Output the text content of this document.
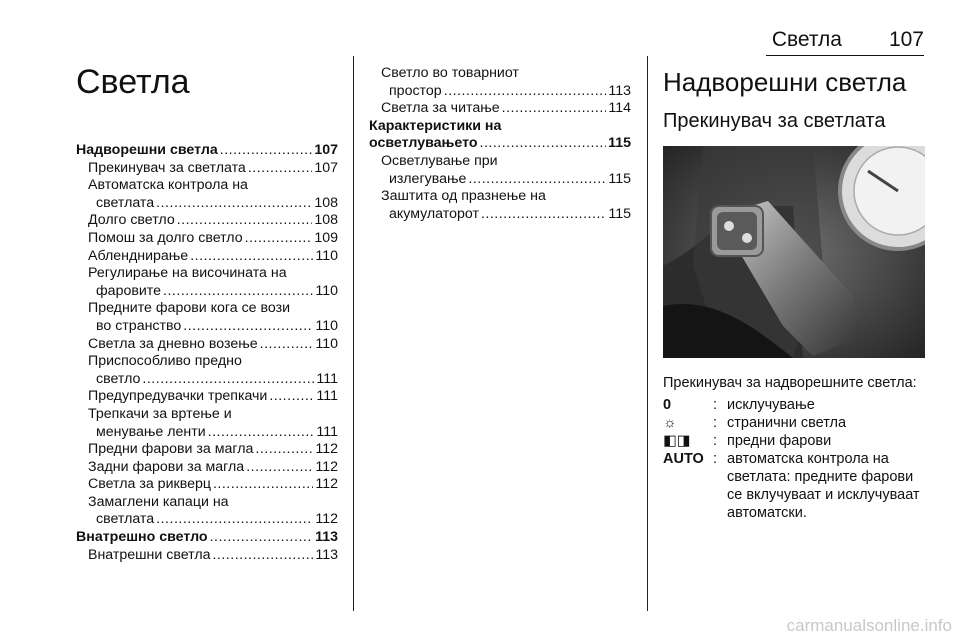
Светла 107
Светла
Надворешни светла .....	107
Прекинувач за светлата .....	107
Автоматска контрола на
светлата .....	108
Долго светло .....	108
Помош за долго светло .....	109
Абленднирање .....	110
Регулирање на височината на
фаровите .....	110
Предните фарови кога се вози
во странство .....	110
Светла за дневно возење .....	110
Приспособливо предно
светло .....	111
Предупредувачки трепкачи .....	111
Трепкачи за вртење и
менување ленти .....	111
Предни фарови за магла .....	112
Задни фарови за магла .....	112
Светла за рикверц .....	112
Замаглени капаци на
светлата .....	112
Внатрешно светло .....	113
Внатрешни светла .....	113
Светло во товарниот
простор .....	113
Светла за читање .....	114
Карактеристики на
осветлувањето .....	115
Осветлување при
излегување .....	115
Заштита од празнење на
акумулаторот .....	115
Надворешни светла
Прекинувач за светлата
Прекинувач за надворешните светла:
0	: исклучување
☼	: странични светла
◧◨	: предни фарови
AUTO : автоматска контрола на светлата: предните фарови се вклучуваат и исклучуваат автоматски.
carmanualsonline.info
